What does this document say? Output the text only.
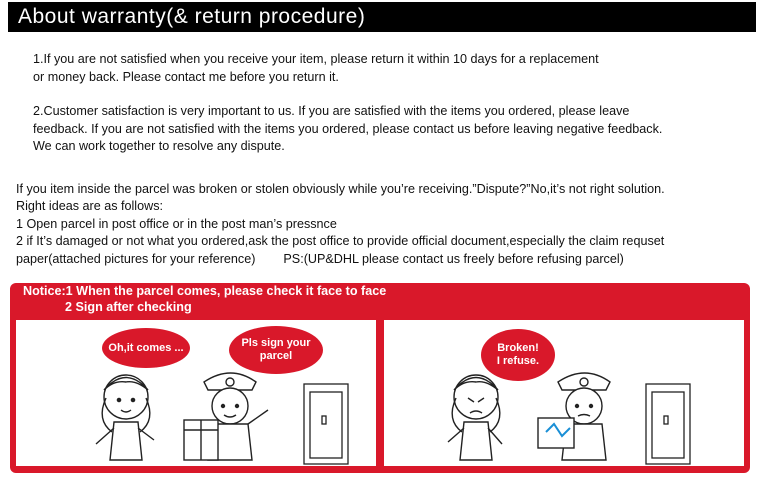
About warranty(& return procedure)
1.If you are not satisfied when you receive your item, please return it within 10 days for a replacement
or money back. Please contact me before you return it.
2.Customer satisfaction is very important to us. If you are satisfied with the items you ordered, please leave
feedback. If you are not satisfied with the items you ordered, please contact us before leaving negative feedback.
We can work together to resolve any dispute.
If you item inside the parcel was broken or stolen obviously while you’re receiving.”Dispute?”No,it’s not right solution.
Right ideas are as follows:
1 Open parcel in post office or in the post man’s pressnce
2 if It’s damaged or not what you ordered,ask the post office to provide official document,especially the claim requset
paper(attached pictures for your reference)        PS:(UP&DHL please contact us freely before refusing parcel)
Notice:1 When the parcel comes, please check it face to face
2 Sign after checking
Oh,it comes ...	Pls sign your
parcel
Broken!
I refuse.
